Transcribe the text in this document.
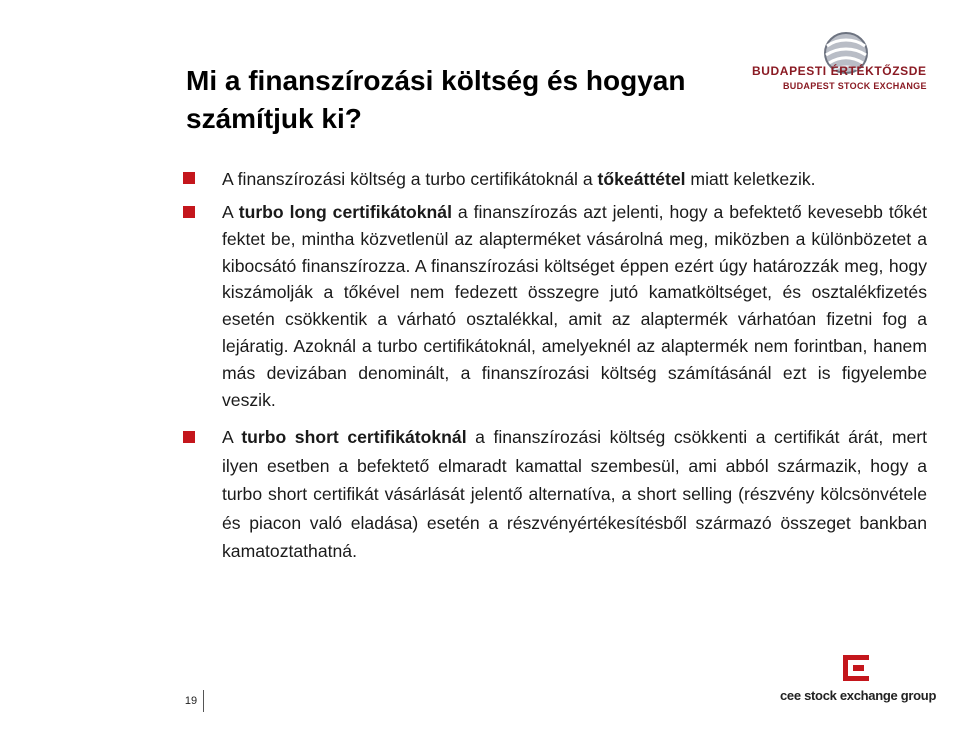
Mi a finanszírozási költség és hogyan számítjuk ki?
BUDAPESTI ÉRTÉKTŐZSDE
BUDAPEST STOCK EXCHANGE
A finanszírozási költség a turbo certifikátoknál a tőkeáttétel miatt keletkezik.
A turbo long certifikátoknál a finanszírozás azt jelenti, hogy a befektető kevesebb tőkét fektet be, mintha közvetlenül az alapterméket vásárolná meg, miközben a különbözetet a kibocsátó finanszírozza. A finanszírozási költséget éppen ezért úgy határozzák meg, hogy kiszámolják a tőkével nem fedezett összegre jutó kamatköltséget, és osztalékfizetés esetén csökkentik a várható osztalékkal, amit az alaptermék várhatóan fizetni fog a lejáratig. Azoknál a turbo certifikátoknál, amelyeknél az alaptermék nem forintban, hanem más devizában denominált, a finanszírozási költség számításánál ezt is figyelembe veszik.
A turbo short certifikátoknál a finanszírozási költség csökkenti a certifikát árát, mert ilyen esetben a befektető elmaradt kamattal szembesül, ami abból származik, hogy a turbo short certifikát vásárlását jelentő alternatíva, a short selling (részvény kölcsönvétele és piacon való eladása) esetén a részvényértékesítésből származó összeget bankban kamatoztathatná.
19	cee stock exchange group
